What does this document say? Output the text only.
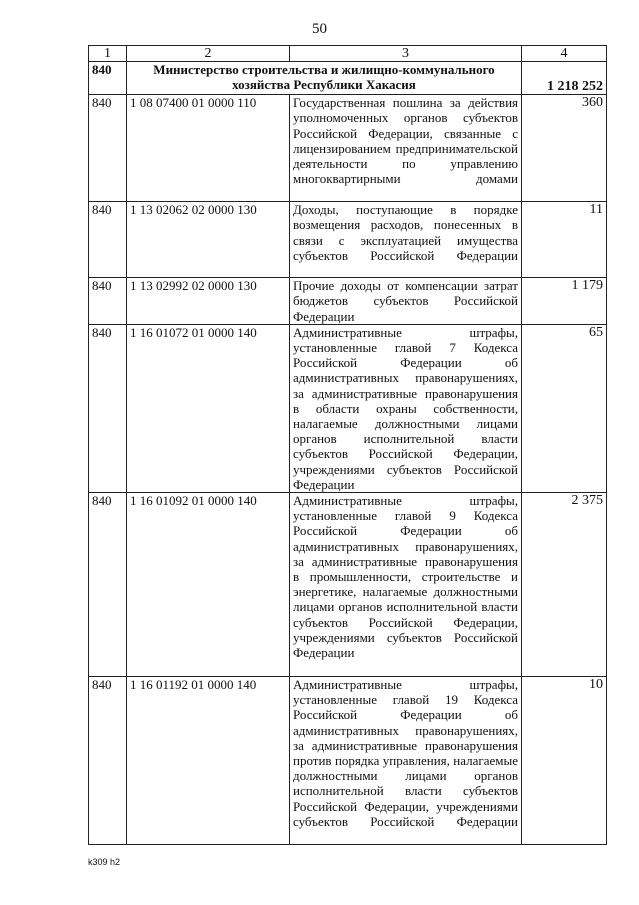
50
1	2	3	4
840	Министерство строительства и жилищно-коммунального хозяйства Республики Хакасия		1 218 252
840	1 08 07400 01 0000 110	Государственная пошлина за действия уполномоченных органов субъектов Российской Федерации, связанные с лицензированием предпринимательской деятельности по управлению многоквартирными домами	360
840	1 13 02062 02 0000 130	Доходы, поступающие в порядке возмещения расходов, понесенных в связи с эксплуатацией имущества субъектов Российской Федерации	11
840	1 13 02992 02 0000 130	Прочие доходы от компенсации затрат бюджетов субъектов Российской Федерации	1 179
840	1 16 01072 01 0000 140	Административные штрафы, установленные главой 7 Кодекса Российской Федерации об административных правонарушениях, за административные правонарушения в области охраны собственности, налагаемые должностными лицами органов исполнительной власти субъектов Российской Федерации, учреждениями субъектов Российской Федерации	65
840	1 16 01092 01 0000 140	Административные штрафы, установленные главой 9 Кодекса Российской Федерации об административных правонарушениях, за административные правонарушения в промышленности, строительстве и энергетике, налагаемые должностными лицами органов исполнительной власти субъектов Российской Федерации, учреждениями субъектов Российской Федерации	2 375
840	1 16 01192 01 0000 140	Административные штрафы, установленные главой 19 Кодекса Российской Федерации об административных правонарушениях, за административные правонарушения против порядка управления, налагаемые должностными лицами органов исполнительной власти субъектов Российской Федерации, учреждениями субъектов Российской Федерации	10
k309 h2
